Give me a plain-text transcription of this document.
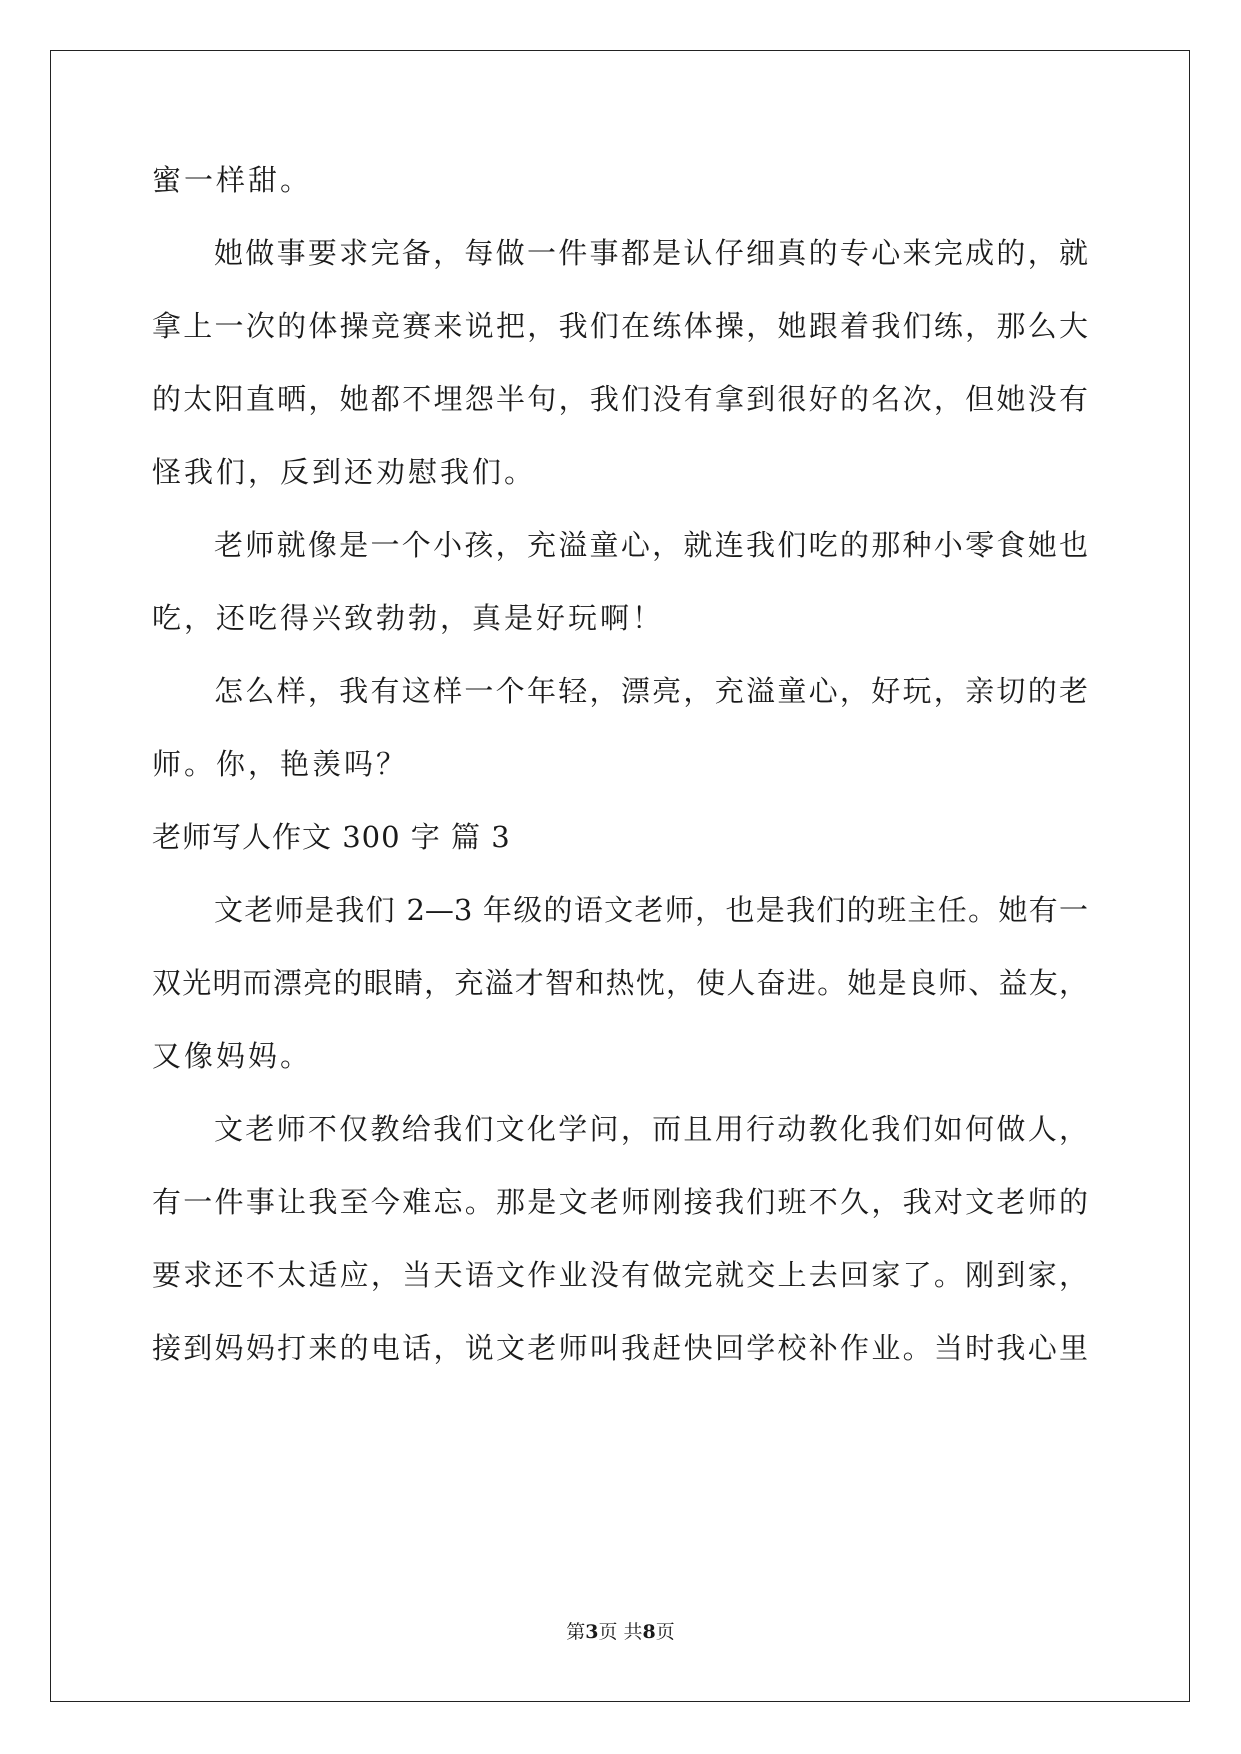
蜜一样甜。
她做事要求完备，每做一件事都是认仔细真的专心来完成的，就
拿上一次的体操竞赛来说把，我们在练体操，她跟着我们练，那么大
的太阳直晒，她都不埋怨半句，我们没有拿到很好的名次，但她没有
怪我们，反到还劝慰我们。
老师就像是一个小孩，充溢童心，就连我们吃的那种小零食她也
吃，还吃得兴致勃勃，真是好玩啊！
怎么样，我有这样一个年轻，漂亮，充溢童心，好玩，亲切的老
师。你，艳羡吗？
老师写人作文 300 字 篇 3
文老师是我们 2—3 年级的语文老师，也是我们的班主任。她有一
双光明而漂亮的眼睛，充溢才智和热忱，使人奋进。她是良师、益友，
又像妈妈。
文老师不仅教给我们文化学问，而且用行动教化我们如何做人，
有一件事让我至今难忘。那是文老师刚接我们班不久，我对文老师的
要求还不太适应，当天语文作业没有做完就交上去回家了。刚到家，
接到妈妈打来的电话，说文老师叫我赶快回学校补作业。当时我心里
第3页 共8页
